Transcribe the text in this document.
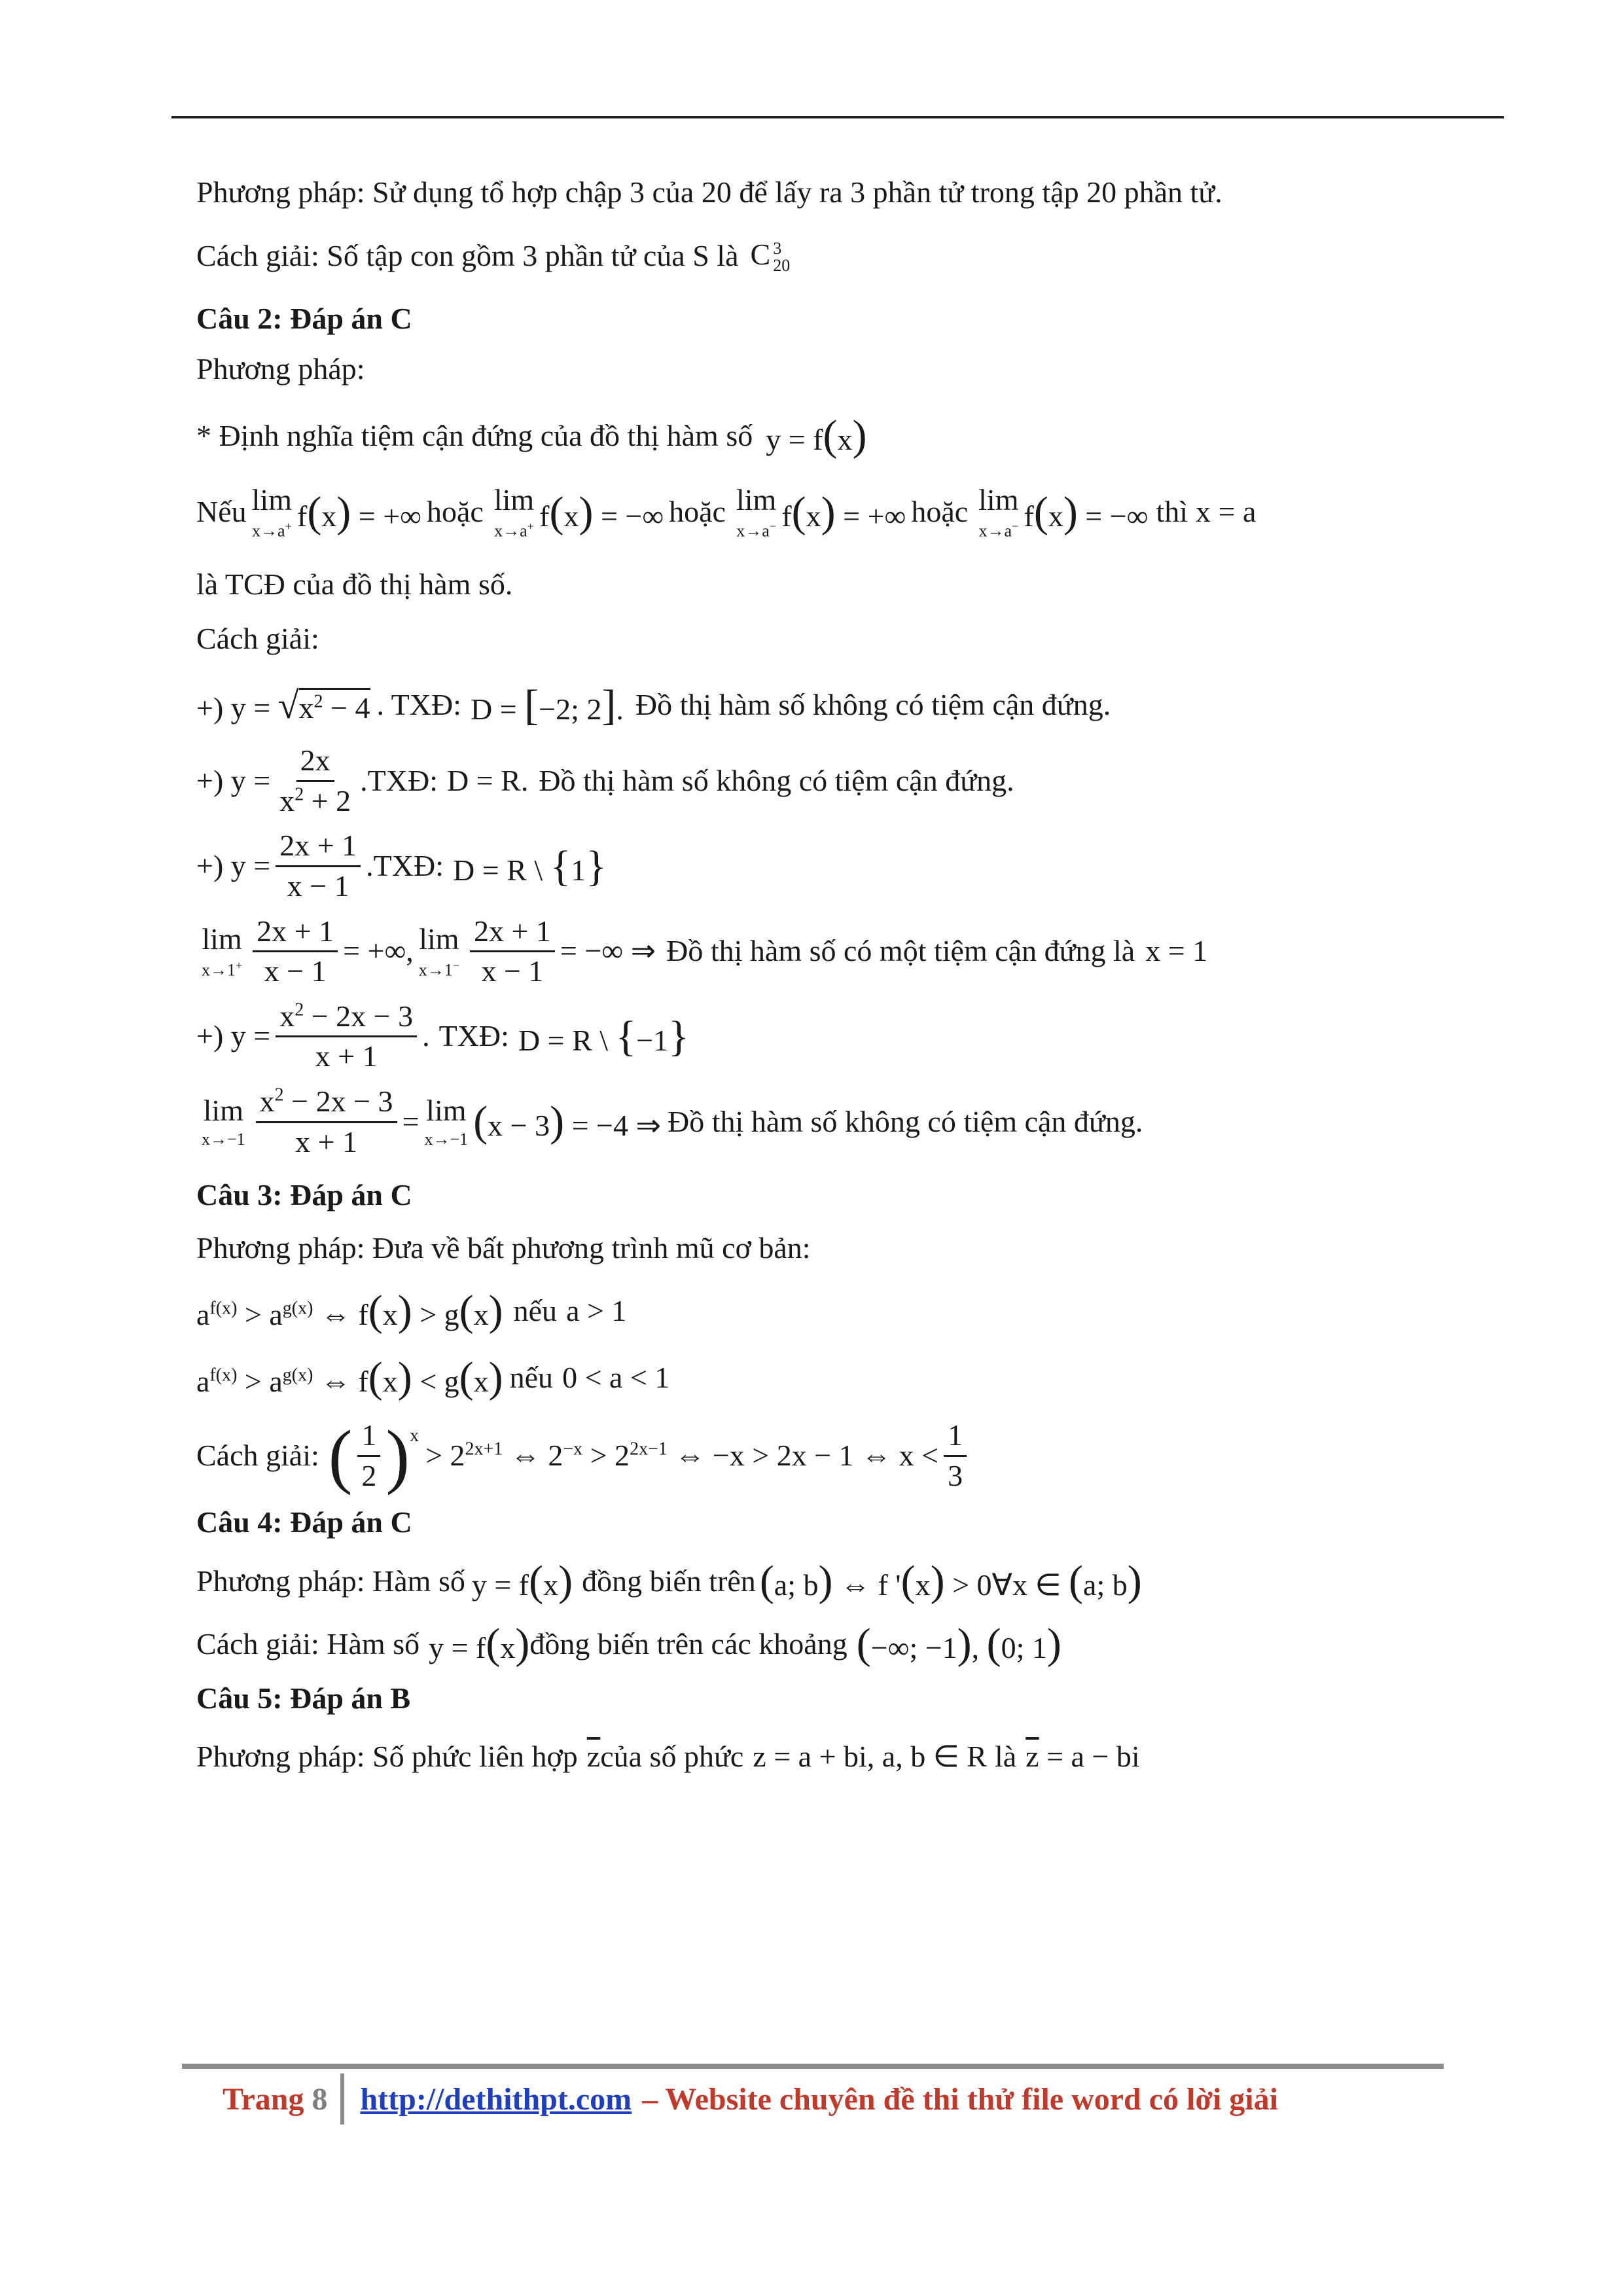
Phương pháp: Sử dụng tổ hợp chập 3 của 20 để lấy ra 3 phần tử trong tập 20 phần tử.
Cách giải: Số tập con gồm 3 phần tử của S là C 3
20
Câu 2: Đáp án C
Phương pháp:
* Định nghĩa tiệm cận đứng của đồ thị hàm số y = f(x)
Nếu lim
x→a+ f(x) = +∞ hoặc lim
x→a+ f(x) = −∞ hoặc lim
x→a− f(x) = +∞ hoặc lim
x→a− f(x) = −∞ thì x = a
là TCĐ của đồ thị hàm số.
Cách giải:
+) $y = √x^2 - 4$ . TXĐ: D = [−2; 2]. Đồ thị hàm số không có tiệm cận đứng.
+) $y = \frac{2x}{x^2 + 2}$ .TXĐ: D = R. Đồ thị hàm số không có tiệm cận đứng.
+) $y = \frac{2x + 1}{x - 1}$ .TXĐ: D = R \ {1}
lim
$x\to 1^+ \frac{2x + 1}{x - 1}$ = +∞, lim
$x\to 1^- \frac{2x + 1}{x - 1}$ = −∞ ⇒ Đồ thị hàm số có một tiệm cận đứng là x = 1
+) $y = \frac{x^2 - 2x - 3}{x + 1}$ . TXĐ: D = R \ {−1}
lim
$x\to-1 \frac{x^2 - 2x - 3}{x + 1} = \lim$
x→−1 (x − 3) = −4 ⇒ Đồ thị hàm số không có tiệm cận đứng.
Câu 3: Đáp án C
Phương pháp: Đưa về bất phương trình mũ cơ bản:
$a^{f(x)} > a^{g(x)}$ ⇔ f(x) > g(x) nếu a > 1
$a^{f(x)} > a^{g(x)}$ ⇔ f(x) < g(x) nếu 0 < a < 1
Cách giải: ( $\frac{1}{2} )^x$
> $2^{2x+1}$ ⇔ $2^{-x} > 2^{2x-1}$ ⇔ −x > 2x − 1 ⇔ $x < \frac{1}{3}$
Câu 4: Đáp án C
Phương pháp: Hàm số y = f(x) đồng biến trên (a; b) ⇔ f '(x) > 0∀x ∈ (a; b)
Cách giải: Hàm số y = f(x) đồng biến trên các khoảng (−∞; −1), (0; 1)
Câu 5: Đáp án B
Phương pháp: Số phức liên hợp $\overline{z}$ của số phức z = a + bi, a, b ∈ R là $\overline{z} = a$ − bi
Trang 8 http://dethithpt.com – Website chuyên đề thi thử file word có lời giải
